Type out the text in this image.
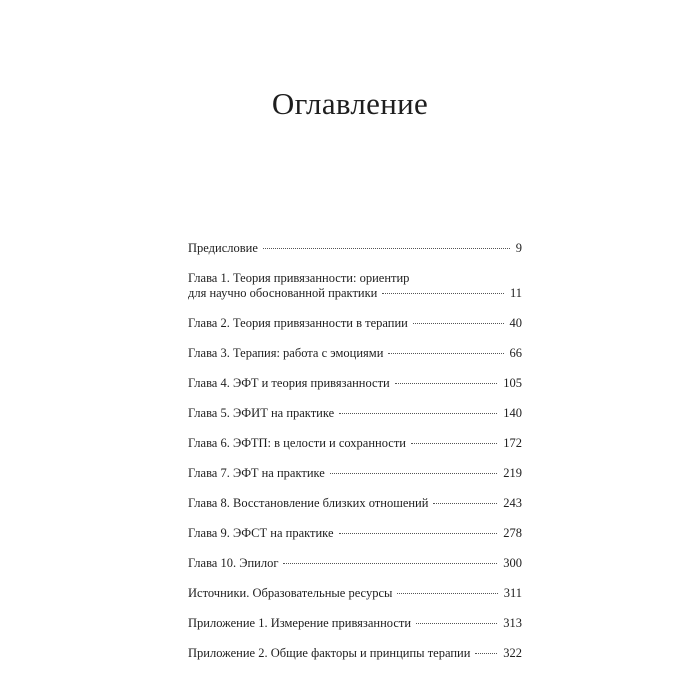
Оглавление
Предисловие	9
Глава 1. Теория привязанности: ориентир
для научно обоснованной практики	11
Глава 2. Теория привязанности в терапии	40
Глава 3. Терапия: работа с эмоциями	66
Глава 4. ЭФТ и теория привязанности	105
Глава 5. ЭФИТ на практике	140
Глава 6. ЭФТП: в целости и сохранности	172
Глава 7. ЭФТ на практике	219
Глава 8. Восстановление близких отношений	243
Глава 9. ЭФСТ на практике	278
Глава 10. Эпилог	300
Источники. Образовательные ресурсы	311
Приложение 1. Измерение привязанности	313
Приложение 2. Общие факторы и принципы терапии	322
